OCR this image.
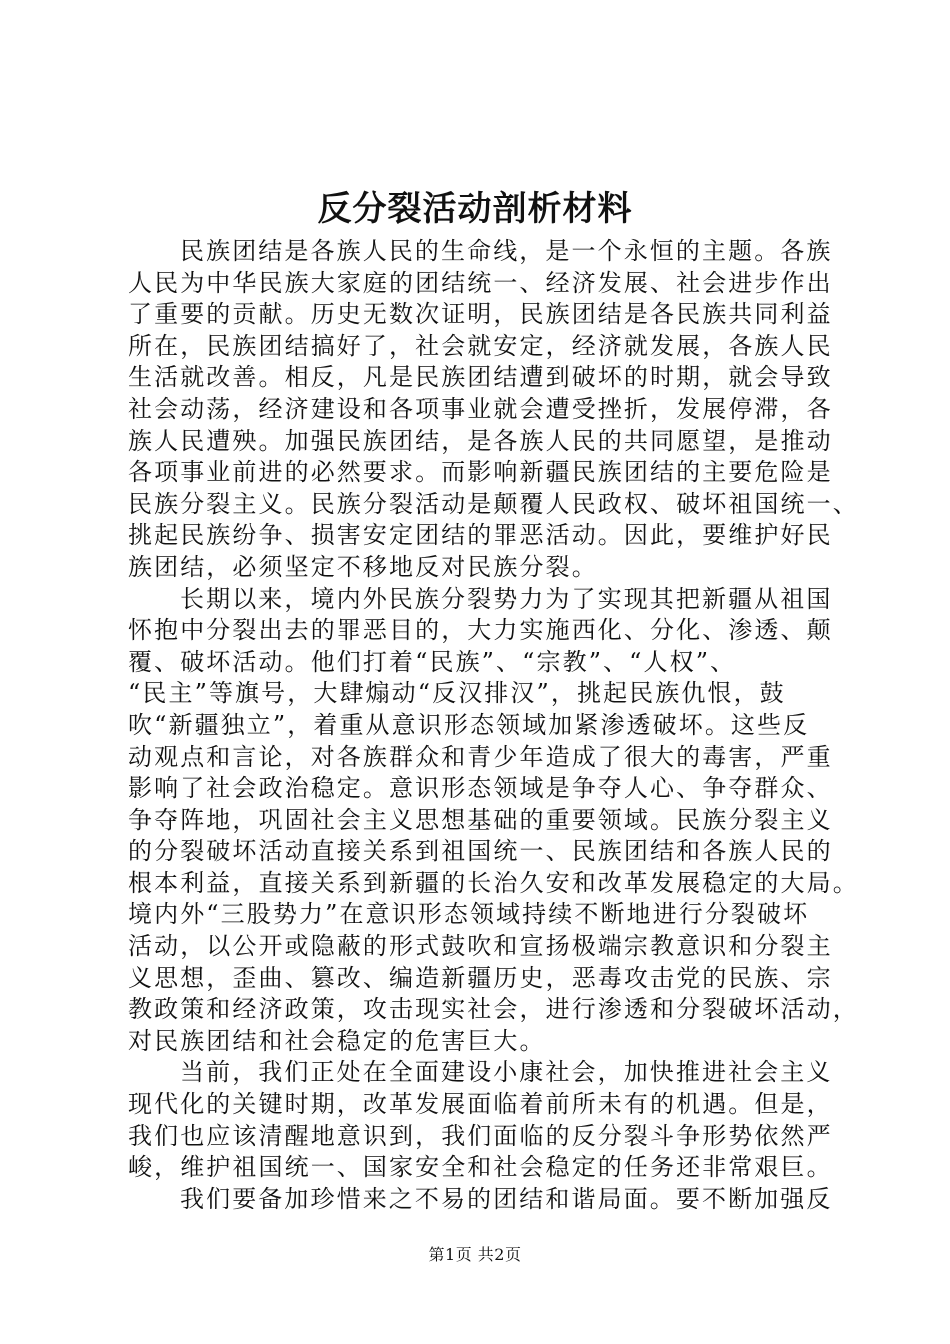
反分裂活动剖析材料
民族团结是各族人民的生命线，是一个永恒的主题。各族
人民为中华民族大家庭的团结统一、经济发展、社会进步作出
了重要的贡献。历史无数次证明，民族团结是各民族共同利益
所在，民族团结搞好了，社会就安定，经济就发展，各族人民
生活就改善。相反，凡是民族团结遭到破坏的时期，就会导致
社会动荡，经济建设和各项事业就会遭受挫折，发展停滞，各
族人民遭殃。加强民族团结，是各族人民的共同愿望，是推动
各项事业前进的必然要求。而影响新疆民族团结的主要危险是
民族分裂主义。民族分裂活动是颠覆人民政权、破坏祖国统一、
挑起民族纷争、损害安定团结的罪恶活动。因此，要维护好民
族团结，必须坚定不移地反对民族分裂。
长期以来，境内外民族分裂势力为了实现其把新疆从祖国
怀抱中分裂出去的罪恶目的，大力实施西化、分化、渗透、颠
覆、破坏活动。他们打着“民族”、“宗教”、“人权”、
“民主”等旗号，大肆煽动“反汉排汉”，挑起民族仇恨，鼓
吹“新疆独立”，着重从意识形态领域加紧渗透破坏。这些反
动观点和言论，对各族群众和青少年造成了很大的毒害，严重
影响了社会政治稳定。意识形态领域是争夺人心、争夺群众、
争夺阵地，巩固社会主义思想基础的重要领域。民族分裂主义
的分裂破坏活动直接关系到祖国统一、民族团结和各族人民的
根本利益，直接关系到新疆的长治久安和改革发展稳定的大局。
境内外“三股势力”在意识形态领域持续不断地进行分裂破坏
活动，以公开或隐蔽的形式鼓吹和宣扬极端宗教意识和分裂主
义思想，歪曲、篡改、编造新疆历史，恶毒攻击党的民族、宗
教政策和经济政策，攻击现实社会，进行渗透和分裂破坏活动，
对民族团结和社会稳定的危害巨大。
当前，我们正处在全面建设小康社会，加快推进社会主义
现代化的关键时期，改革发展面临着前所未有的机遇。但是，
我们也应该清醒地意识到，我们面临的反分裂斗争形势依然严
峻，维护祖国统一、国家安全和社会稳定的任务还非常艰巨。
我们要备加珍惜来之不易的团结和谐局面。要不断加强反
第1页 共2页
